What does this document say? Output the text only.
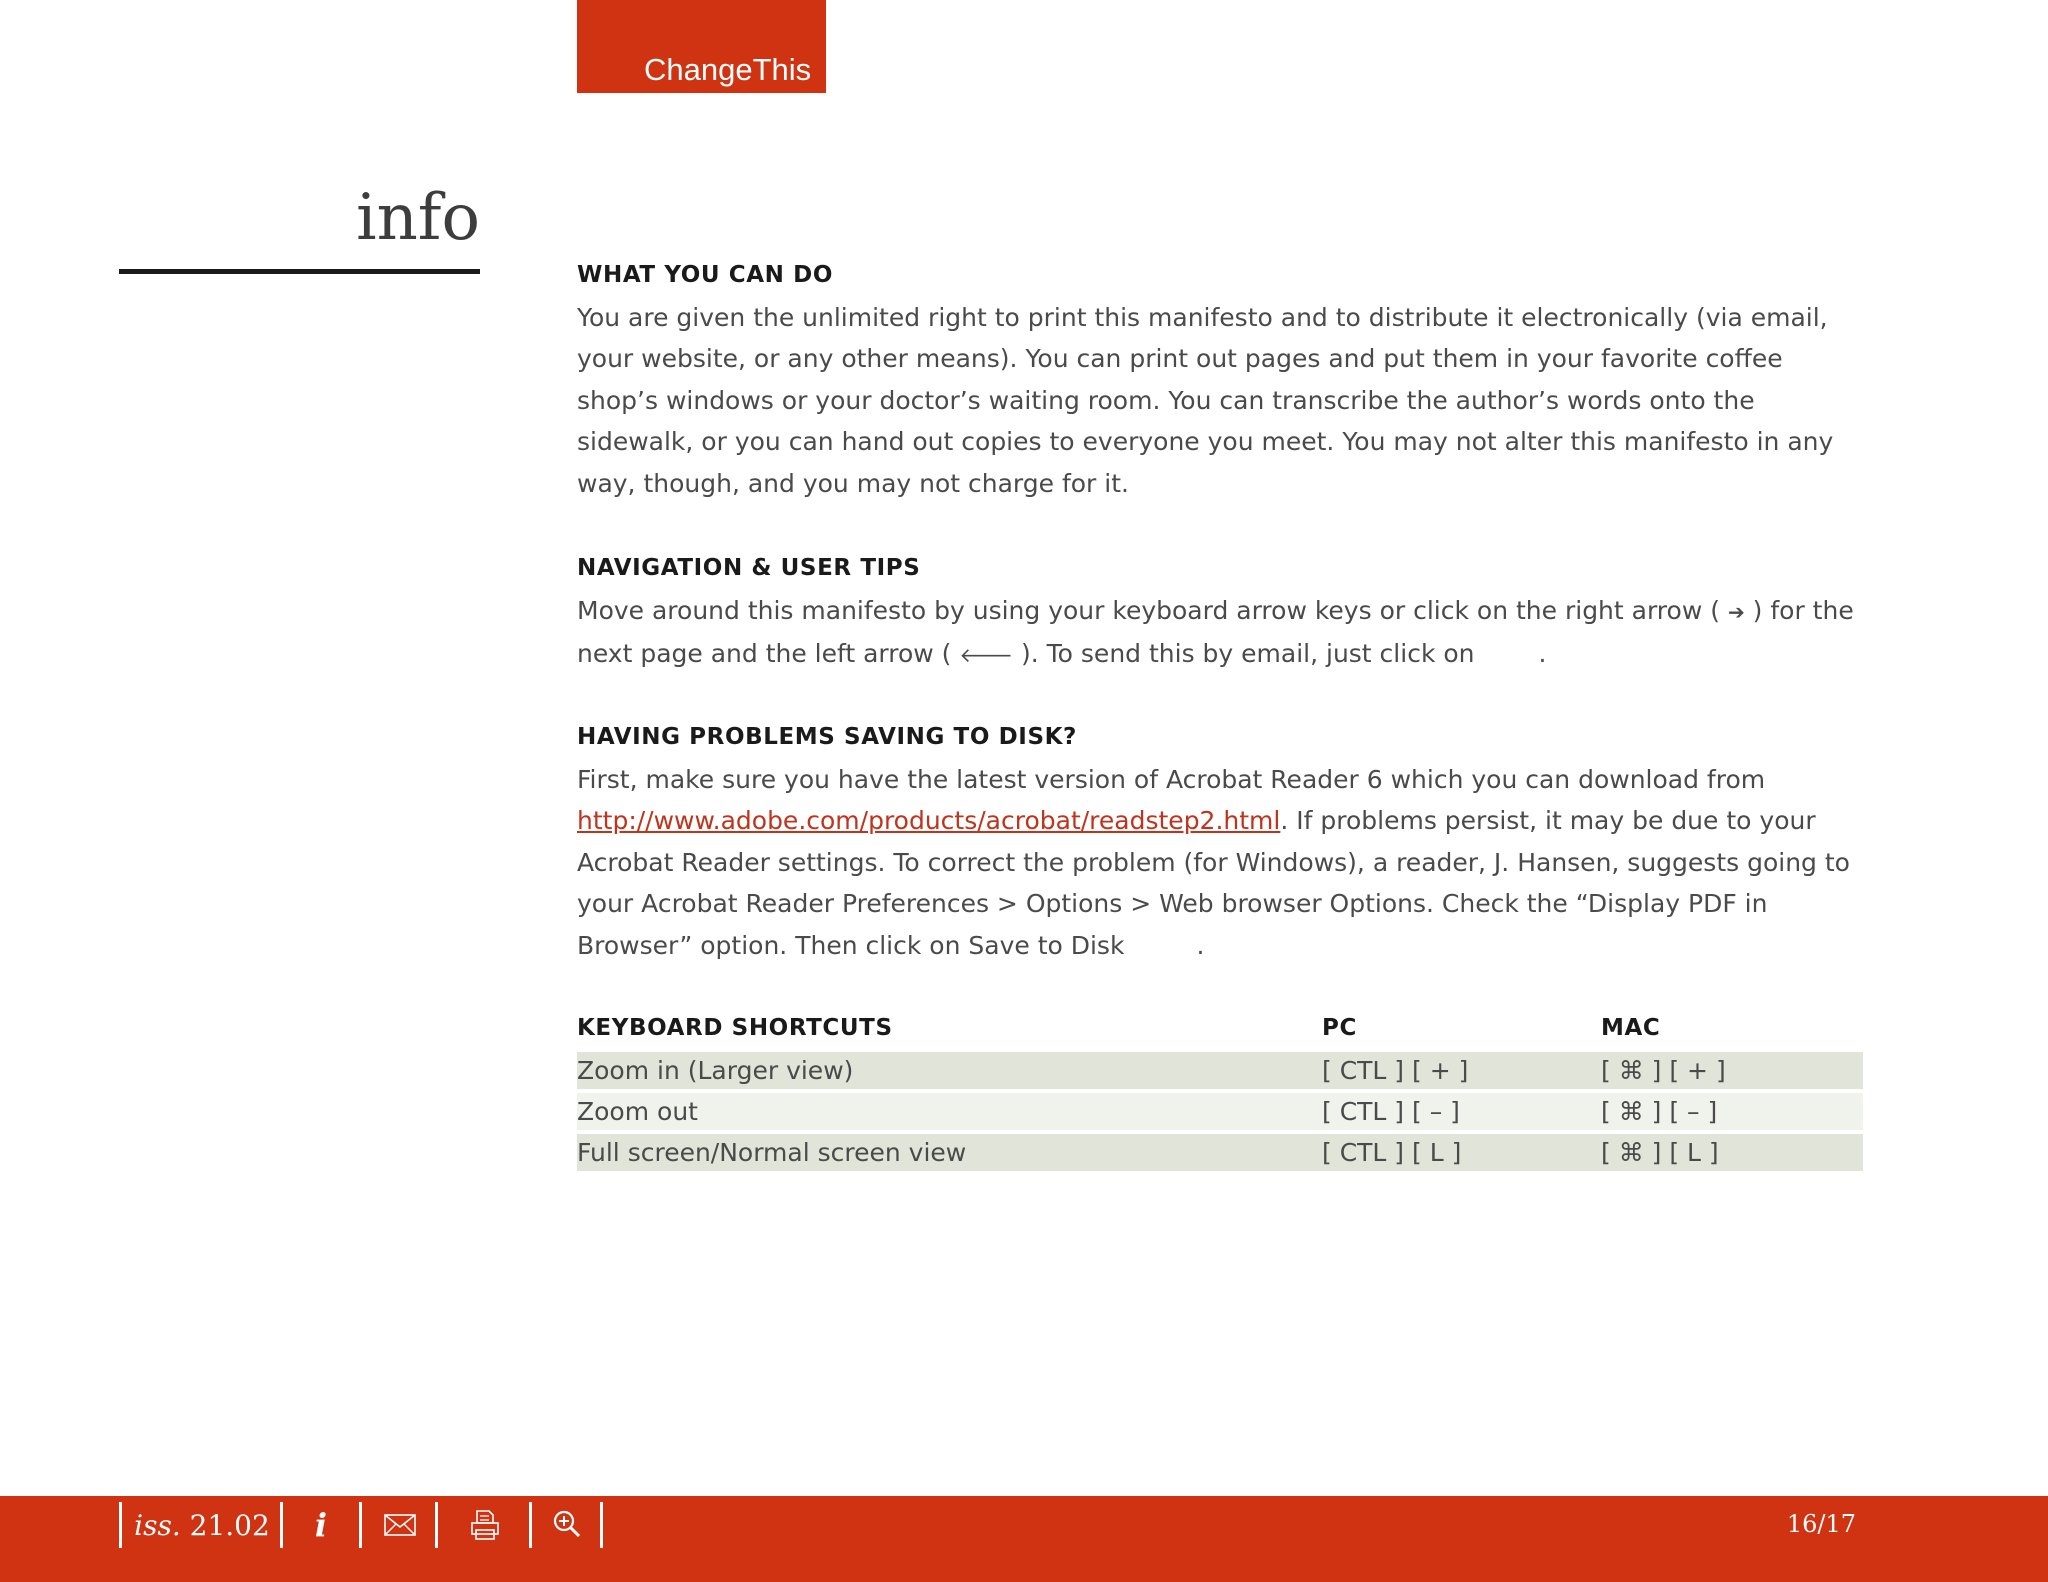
ChangeThis
info
WHAT YOU CAN DO

You are given the unlimited right to print this manifesto and to distribute it electronically (via email, your website, or any other means). You can print out pages and put them in your favorite coffee shop’s windows or your doctor’s waiting room. You can transcribe the author’s words onto the sidewalk, or you can hand out copies to everyone you meet. You may not alter this manifesto in any way, though, and you may not charge for it.

NAVIGATION & USER TIPS

Move around this manifesto by using your keyboard arrow keys or click on the right arrow ( ➔ ) for the next page and the left arrow ( 🡐 ). To send this by email, just click on	.

HAVING PROBLEMS SAVING TO DISK?

First, make sure you have the latest version of Acrobat Reader 6 which you can download from
http://www.adobe.com/products/acrobat/readstep2.html. If problems persist, it may be due to your Acrobat Reader settings. To correct the problem (for Windows), a reader, J. Hansen, suggests going to your Acrobat Reader Preferences > Options > Web browser Options. Check the “Display PDF in Browser” option. Then click on Save to Disk	.

KEYBOARD SHORTCUTS	PC	MAC
Zoom in (Larger view)	[ CTL ] [ + ]	[ ⌘ ] [ + ]
Zoom out	[ CTL ] [ – ]	[ ⌘ ] [ – ]
Full screen/Normal screen view	[ CTL ] [ L ]	[ ⌘ ] [ L ]
iss.
21.02	i	16/17
